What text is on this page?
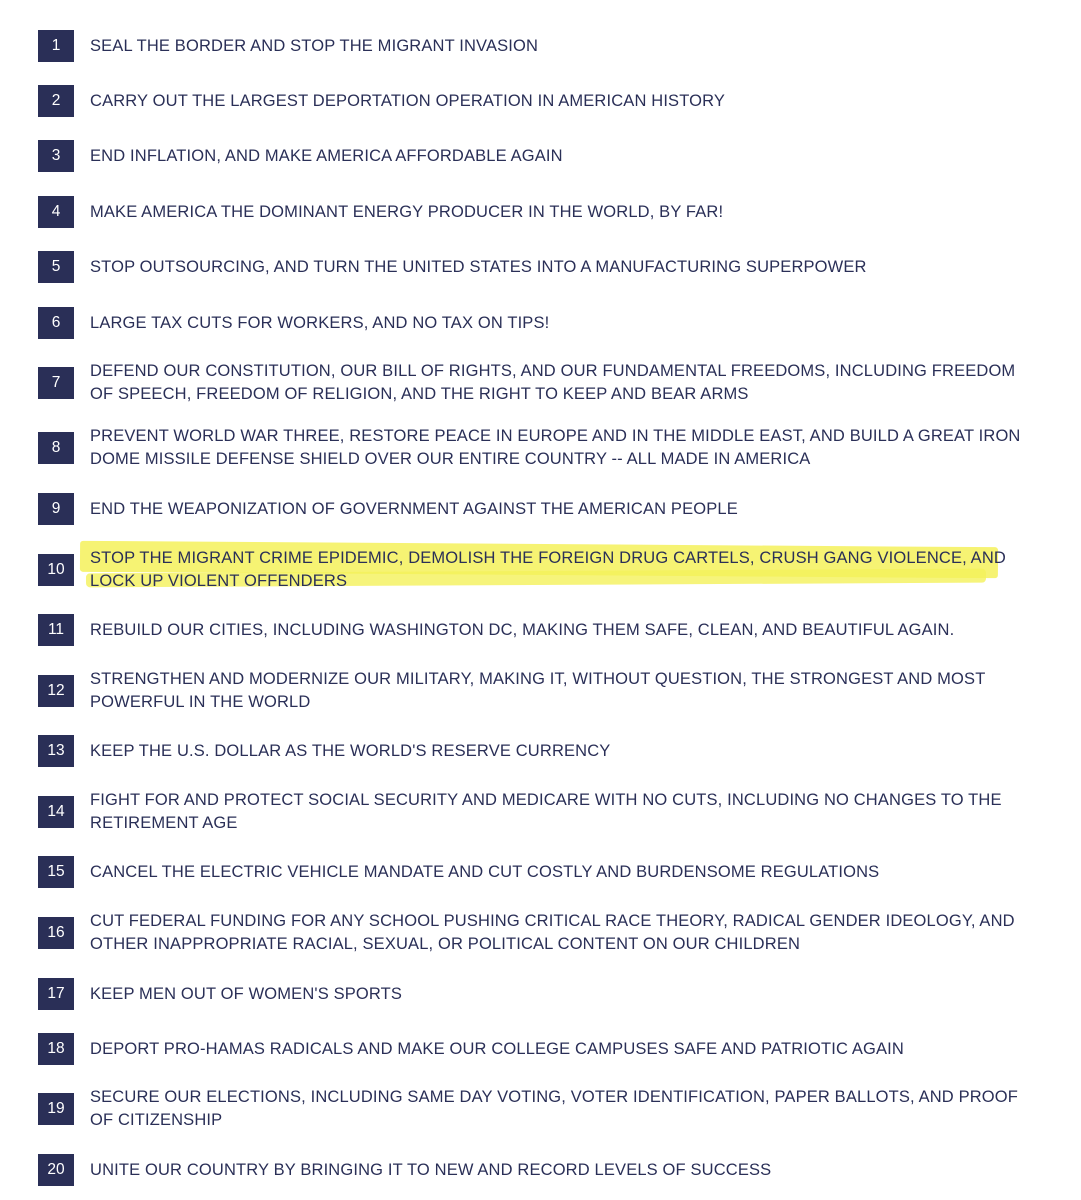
1	SEAL THE BORDER AND STOP THE MIGRANT INVASION
2	CARRY OUT THE LARGEST DEPORTATION OPERATION IN AMERICAN HISTORY
3	END INFLATION, AND MAKE AMERICA AFFORDABLE AGAIN
4	MAKE AMERICA THE DOMINANT ENERGY PRODUCER IN THE WORLD, BY FAR!
5	STOP OUTSOURCING, AND TURN THE UNITED STATES INTO A MANUFACTURING SUPERPOWER
6	LARGE TAX CUTS FOR WORKERS, AND NO TAX ON TIPS!
7
DEFEND OUR CONSTITUTION, OUR BILL OF RIGHTS, AND OUR FUNDAMENTAL FREEDOMS, INCLUDING FREEDOM
OF SPEECH, FREEDOM OF RELIGION, AND THE RIGHT TO KEEP AND BEAR ARMS
8
PREVENT WORLD WAR THREE, RESTORE PEACE IN EUROPE AND IN THE MIDDLE EAST, AND BUILD A GREAT IRON
DOME MISSILE DEFENSE SHIELD OVER OUR ENTIRE COUNTRY -- ALL MADE IN AMERICA
9	END THE WEAPONIZATION OF GOVERNMENT AGAINST THE AMERICAN PEOPLE
10
STOP THE MIGRANT CRIME EPIDEMIC, DEMOLISH THE FOREIGN DRUG CARTELS, CRUSH GANG VIOLENCE, AND
LOCK UP VIOLENT OFFENDERS
11	REBUILD OUR CITIES, INCLUDING WASHINGTON DC, MAKING THEM SAFE, CLEAN, AND BEAUTIFUL AGAIN.
12
STRENGTHEN AND MODERNIZE OUR MILITARY, MAKING IT, WITHOUT QUESTION, THE STRONGEST AND MOST
POWERFUL IN THE WORLD
13	KEEP THE U.S. DOLLAR AS THE WORLD'S RESERVE CURRENCY
14
FIGHT FOR AND PROTECT SOCIAL SECURITY AND MEDICARE WITH NO CUTS, INCLUDING NO CHANGES TO THE
RETIREMENT AGE
15	CANCEL THE ELECTRIC VEHICLE MANDATE AND CUT COSTLY AND BURDENSOME REGULATIONS
16
CUT FEDERAL FUNDING FOR ANY SCHOOL PUSHING CRITICAL RACE THEORY, RADICAL GENDER IDEOLOGY, AND
OTHER INAPPROPRIATE RACIAL, SEXUAL, OR POLITICAL CONTENT ON OUR CHILDREN
17	KEEP MEN OUT OF WOMEN'S SPORTS
18	DEPORT PRO-HAMAS RADICALS AND MAKE OUR COLLEGE CAMPUSES SAFE AND PATRIOTIC AGAIN
19
SECURE OUR ELECTIONS, INCLUDING SAME DAY VOTING, VOTER IDENTIFICATION, PAPER BALLOTS, AND PROOF
OF CITIZENSHIP
20	UNITE OUR COUNTRY BY BRINGING IT TO NEW AND RECORD LEVELS OF SUCCESS
